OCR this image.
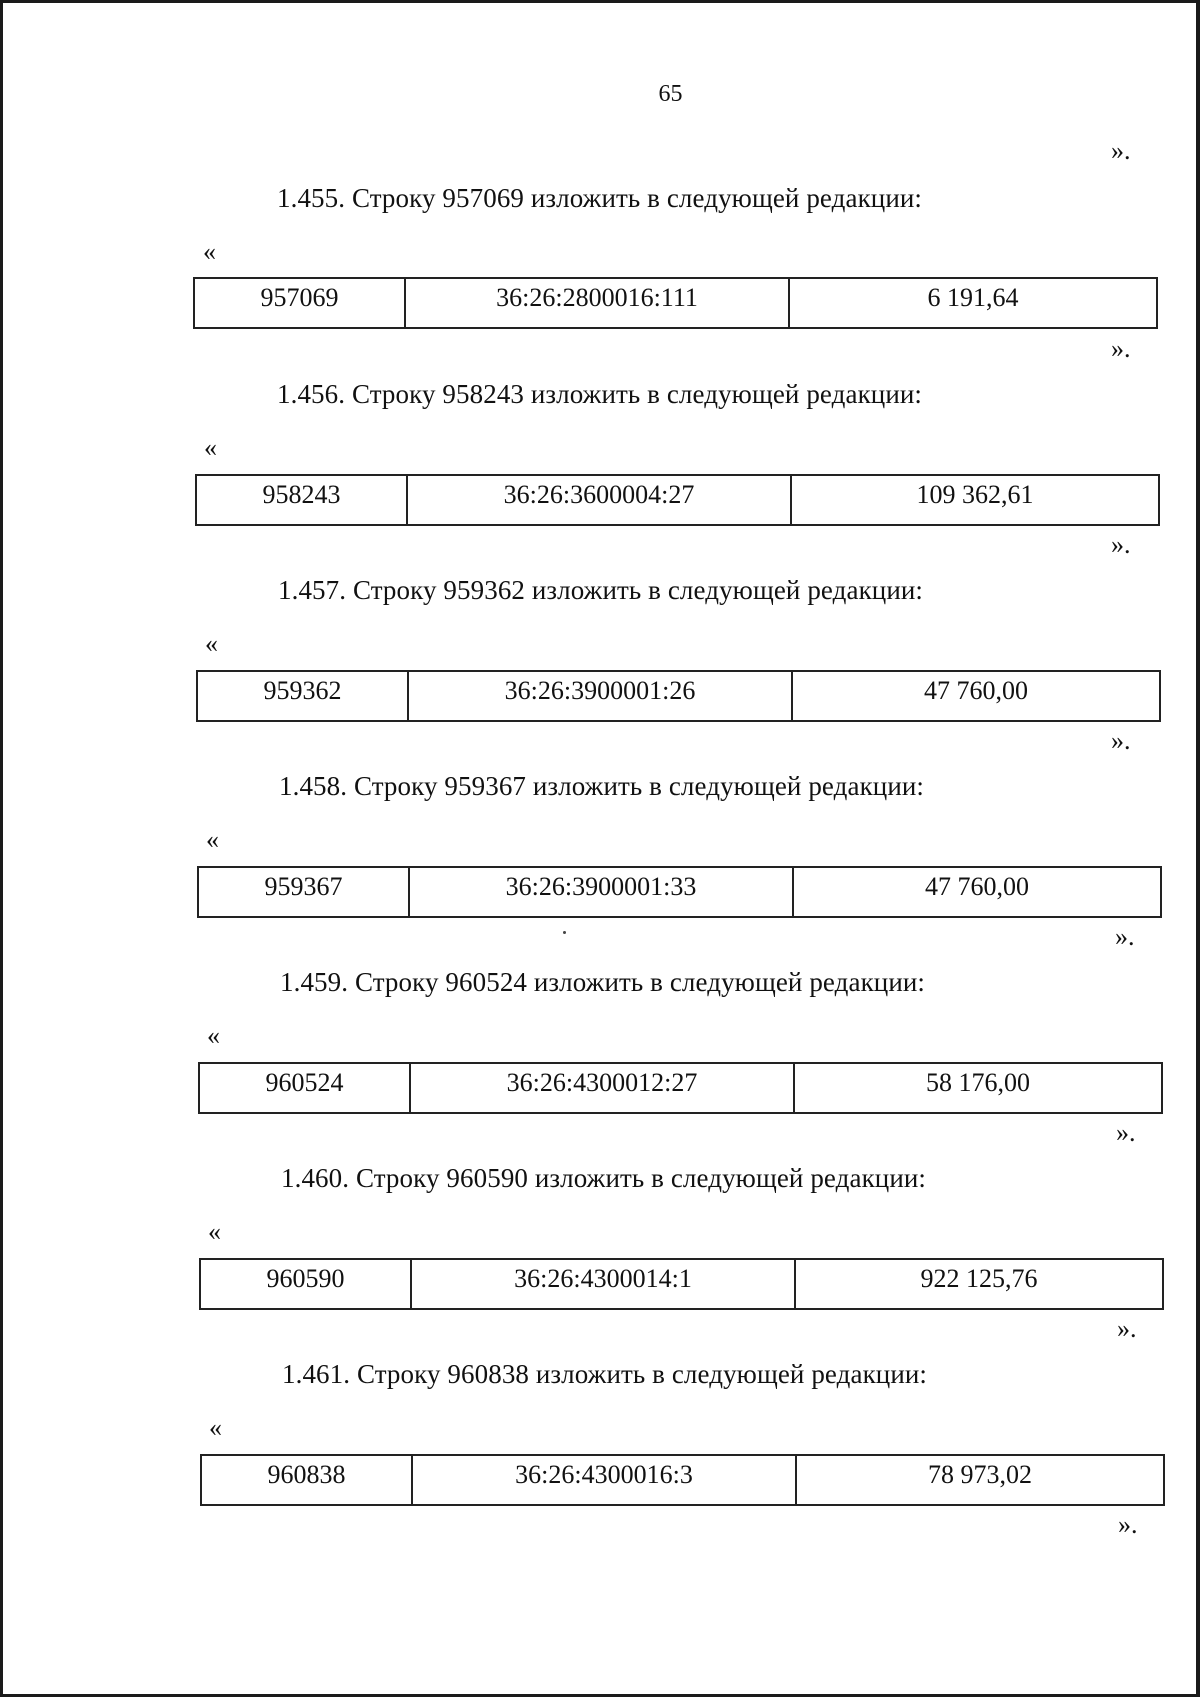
65
».
1.455. Строку 957069 изложить в следующей редакции:
«
957069	36:26:2800016:111	6 191,64
».
1.456. Строку 958243 изложить в следующей редакции:
«
958243	36:26:3600004:27	109 362,61
».
1.457. Строку 959362 изложить в следующей редакции:
«
959362	36:26:3900001:26	47 760,00
».
1.458. Строку 959367 изложить в следующей редакции:
«
959367	36:26:3900001:33	47 760,00
».
1.459. Строку 960524 изложить в следующей редакции:
«
960524	36:26:4300012:27	58 176,00
».
1.460. Строку 960590 изложить в следующей редакции:
«
960590	36:26:4300014:1	922 125,76
».
1.461. Строку 960838 изложить в следующей редакции:
«
960838	36:26:4300016:3	78 973,02
».
